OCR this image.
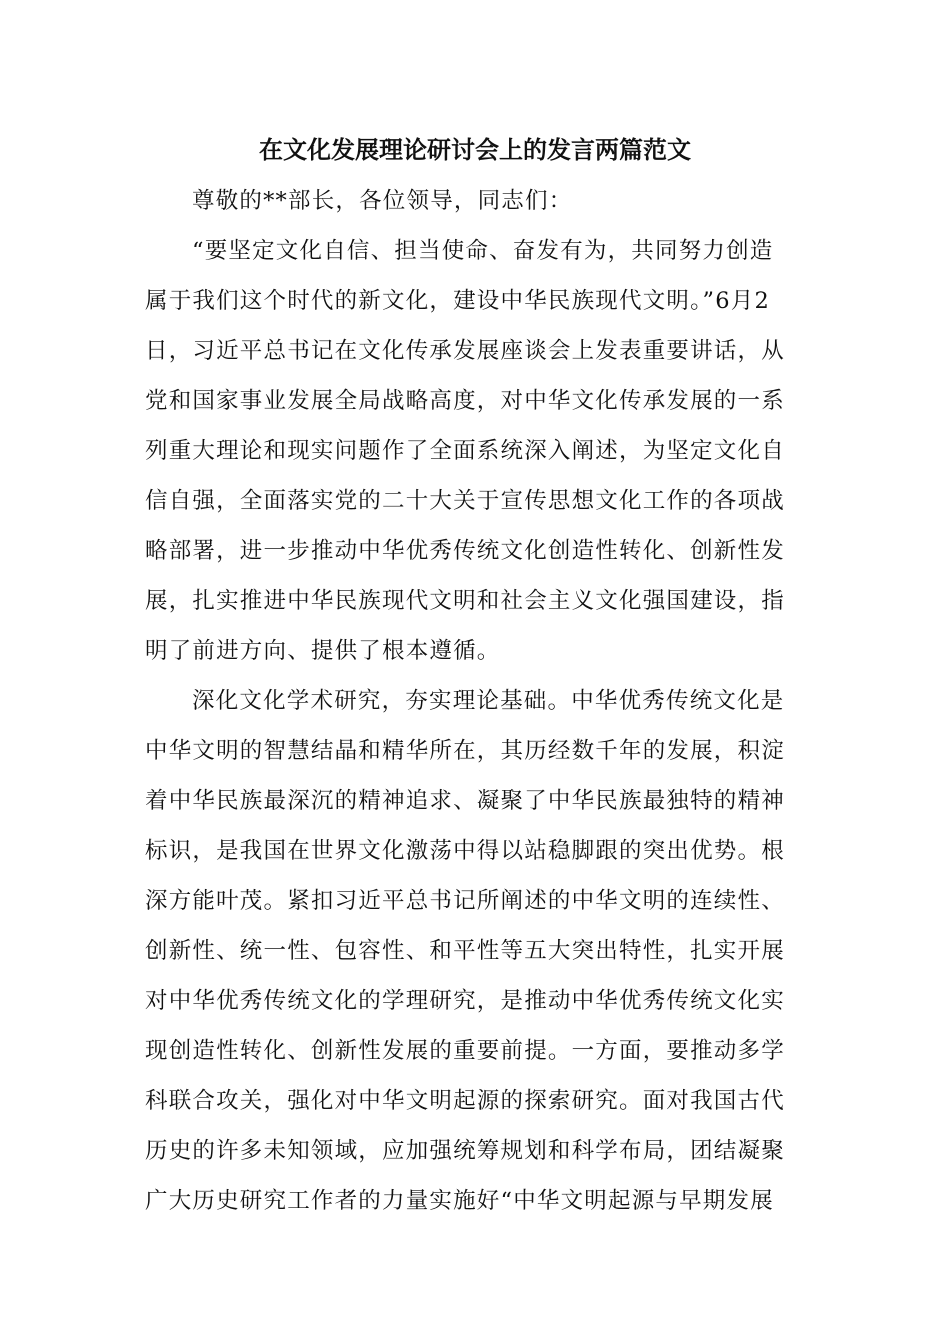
在文化发展理论研讨会上的发言两篇范文

尊敬的**部长，各位领导，同志们：

“要坚定文化自信、担当使命、奋发有为，共同努力创造

属于我们这个时代的新文化，建设中华民族现代文明。”6月2

日，习近平总书记在文化传承发展座谈会上发表重要讲话，从

党和国家事业发展全局战略高度，对中华文化传承发展的一系

列重大理论和现实问题作了全面系统深入阐述，为坚定文化自

信自强，全面落实党的二十大关于宣传思想文化工作的各项战

略部署，进一步推动中华优秀传统文化创造性转化、创新性发

展，扎实推进中华民族现代文明和社会主义文化强国建设，指

明了前进方向、提供了根本遵循。

深化文化学术研究，夯实理论基础。中华优秀传统文化是

中华文明的智慧结晶和精华所在，其历经数千年的发展，积淀

着中华民族最深沉的精神追求、凝聚了中华民族最独特的精神

标识，是我国在世界文化激荡中得以站稳脚跟的突出优势。根

深方能叶茂。紧扣习近平总书记所阐述的中华文明的连续性、

创新性、统一性、包容性、和平性等五大突出特性，扎实开展

对中华优秀传统文化的学理研究，是推动中华优秀传统文化实

现创造性转化、创新性发展的重要前提。一方面，要推动多学

科联合攻关，强化对中华文明起源的探索研究。面对我国古代

历史的许多未知领域，应加强统筹规划和科学布局，团结凝聚

广大历史研究工作者的力量实施好“中华文明起源与早期发展
